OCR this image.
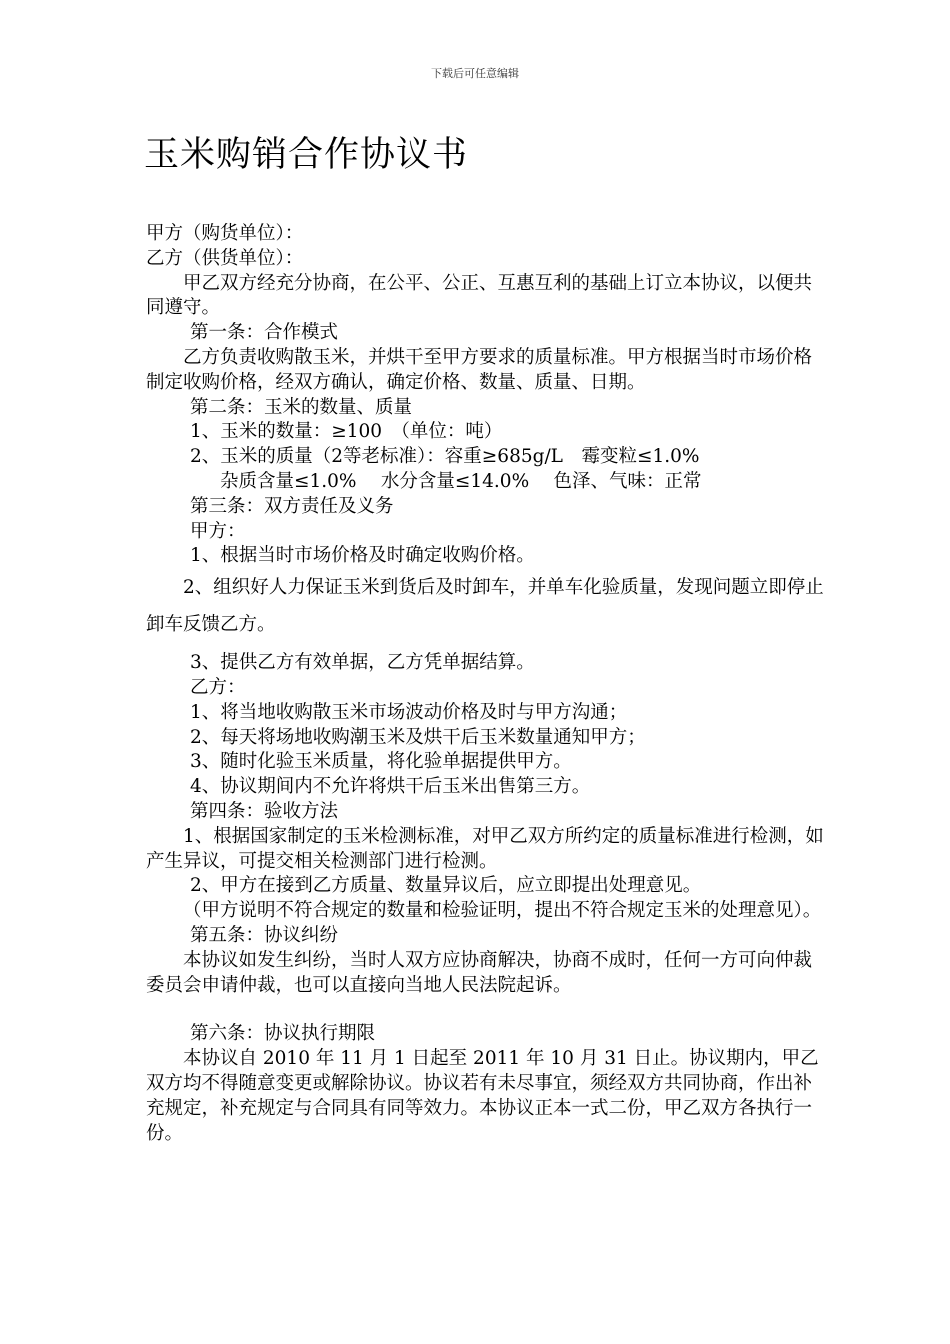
下载后可任意编辑
玉米购销合作协议书

甲方（购货单位）：

乙方（供货单位）：

甲乙双方经充分协商，在公平、公正、互惠互利的基础上订立本协议，以便共同遵守。

第一条：合作模式

乙方负责收购散玉米，并烘干至甲方要求的质量标准。甲方根据当时市场价格制定收购价格，经双方确认，确定价格、数量、质量、日期。

第二条：玉米的数量、质量

1、玉米的数量：≥100　（单位：吨）

2、玉米的质量（2等老标准）：容重≥685g/L　霉变粒≤1.0%

杂质含量≤1.0%　 水分含量≤14.0%　 色泽、气味：正常

第三条：双方责任及义务

甲方：

1、根据当时市场价格及时确定收购价格。

2、组织好人力保证玉米到货后及时卸车，并单车化验质量，发现问题立即停止卸车反馈乙方。

3、提供乙方有效单据，乙方凭单据结算。

乙方：

1、将当地收购散玉米市场波动价格及时与甲方沟通；

2、每天将场地收购潮玉米及烘干后玉米数量通知甲方；

3、随时化验玉米质量，将化验单据提供甲方。

4、协议期间内不允许将烘干后玉米出售第三方。

第四条：验收方法

1、根据国家制定的玉米检测标准，对甲乙双方所约定的质量标准进行检测，如产生异议，可提交相关检测部门进行检测。

2、甲方在接到乙方质量、数量异议后，应立即提出处理意见。

（甲方说明不符合规定的数量和检验证明，提出不符合规定玉米的处理意见）。

第五条：协议纠纷

本协议如发生纠纷，当时人双方应协商解决，协商不成时，任何一方可向仲裁委员会申请仲裁，也可以直接向当地人民法院起诉。

第六条：协议执行期限

本协议自 2010 年 11 月 1 日起至 2011 年 10 月 31 日止。协议期内，甲乙双方均不得随意变更或解除协议。协议若有未尽事宜，须经双方共同协商，作出补充规定，补充规定与合同具有同等效力。本协议正本一式二份，甲乙双方各执行一份。
